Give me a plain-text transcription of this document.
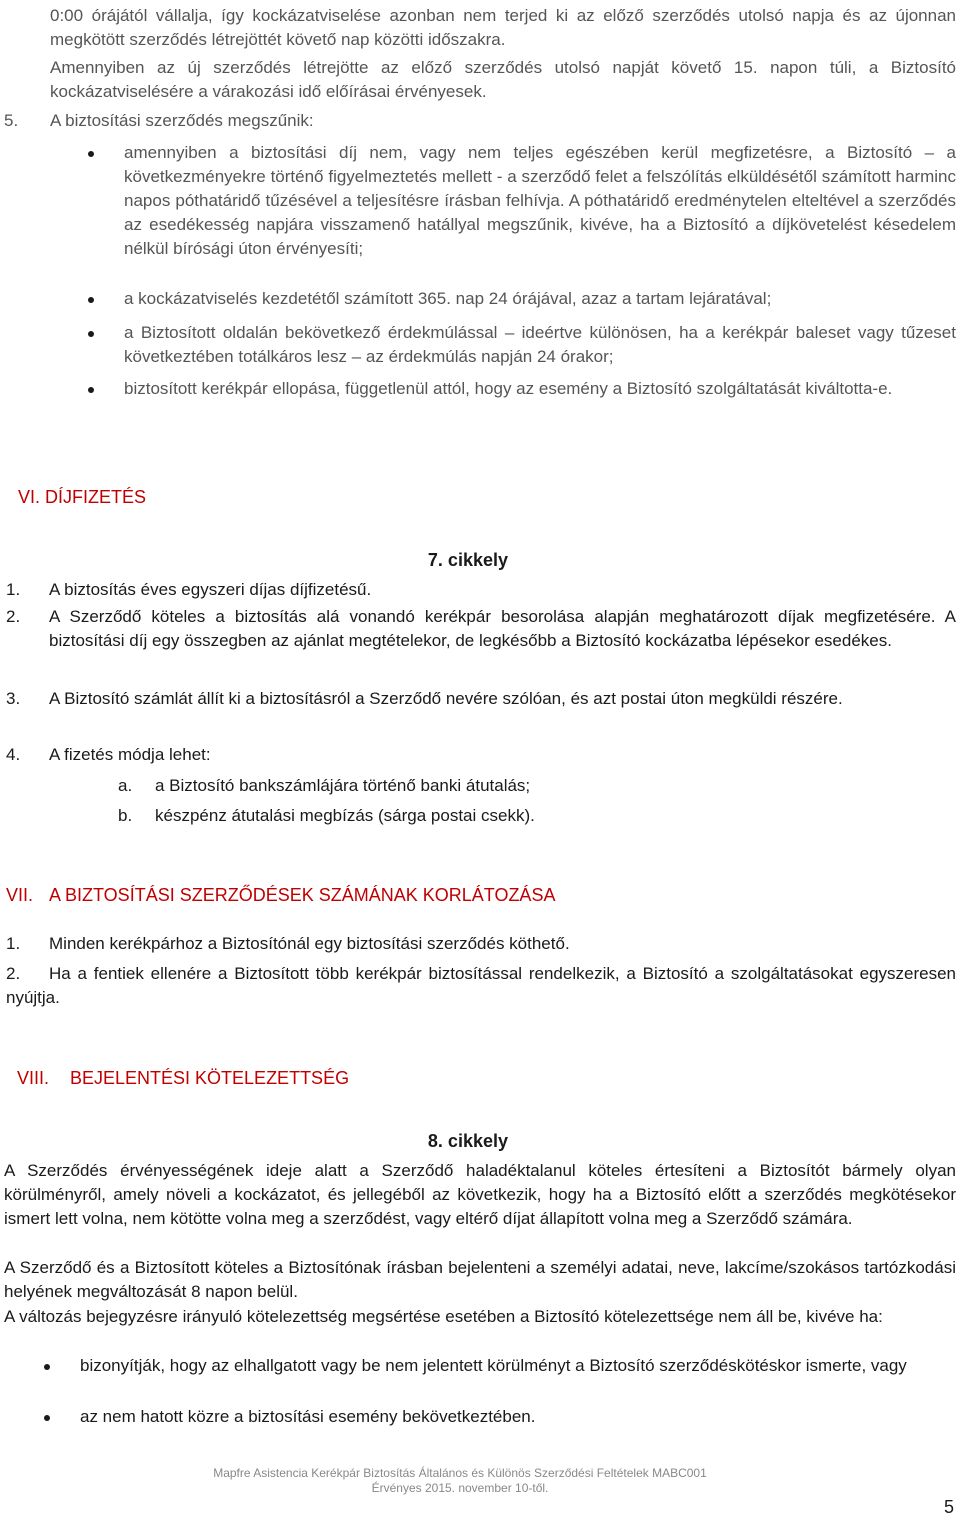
0:00 órájától vállalja, így kockázatviselése azonban nem terjed ki az előző szerződés utolsó napja és az újonnan megkötött szerződés létrejöttét követő nap közötti időszakra.
Amennyiben az új szerződés létrejötte az előző szerződés utolsó napját követő 15. napon túli, a Biztosító kockázatviselésére a várakozási idő előírásai érvényesek.
5. A biztosítási szerződés megszűnik:
amennyiben a biztosítási díj nem, vagy nem teljes egészében kerül megfizetésre, a Biztosító – a következményekre történő figyelmeztetés mellett - a szerződő felet a felszólítás elküldésétől számított harminc napos póthatáridő tűzésével a teljesítésre írásban felhívja. A póthatáridő eredménytelen elteltével a szerződés az esedékesség napjára visszamenő hatállyal megszűnik, kivéve, ha a Biztosító a díjkövetelést késedelem nélkül bírósági úton érvényesíti;
a kockázatviselés kezdetétől számított 365. nap 24 órájával, azaz a tartam lejáratával;
a Biztosított oldalán bekövetkező érdekmúlással – ideértve különösen, ha a kerékpár baleset vagy tűzeset következtében totálkáros lesz – az érdekmúlás napján 24 órakor;
biztosított kerékpár ellopása, függetlenül attól, hogy az esemény a Biztosító szolgáltatását kiváltotta-e.
VI. DÍJFIZETÉS
7. cikkely
1. A biztosítás éves egyszeri díjas díjfizetésű.
2. A Szerződő köteles a biztosítás alá vonandó kerékpár besorolása alapján meghatározott díjak megfizetésére. A biztosítási díj egy összegben az ajánlat megtételekor, de legkésőbb a Biztosító kockázatba lépésekor esedékes.
3. A Biztosító számlát állít ki a biztosításról a Szerződő nevére szólóan, és azt postai úton megküldi részére.
4. A fizetés módja lehet:
a. a Biztosító bankszámlájára történő banki átutalás;
b. készpénz átutalási megbízás (sárga postai csekk).
VII. A BIZTOSÍTÁSI SZERZŐDÉSEK SZÁMÁNAK KORLÁTOZÁSA
1. Minden kerékpárhoz a Biztosítónál egy biztosítási szerződés köthető.
2. Ha a fentiek ellenére a Biztosított több kerékpár biztosítással rendelkezik, a Biztosító a szolgáltatásokat egyszeresen nyújtja.
VIII. BEJELENTÉSI KÖTELEZETTSÉG
8. cikkely
A Szerződés érvényességének ideje alatt a Szerződő haladéktalanul köteles értesíteni a Biztosítót bármely olyan körülményről, amely növeli a kockázatot, és jellegéből az következik, hogy ha a Biztosító előtt a szerződés megkötésekor ismert lett volna, nem kötötte volna meg a szerződést, vagy eltérő díjat állapított volna meg a Szerződő számára.
A Szerződő és a Biztosított köteles a Biztosítónak írásban bejelenteni a személyi adatai, neve, lakcíme/szokásos tartózkodási helyének megváltozását 8 napon belül.
A változás bejegyzésre irányuló kötelezettség megsértése esetében a Biztosító kötelezettsége nem áll be, kivéve ha:
bizonyítják, hogy az elhallgatott vagy be nem jelentett körülményt a Biztosító szerződéskötéskor ismerte, vagy
az nem hatott közre a biztosítási esemény bekövetkeztében.
Mapfre Asistencia Kerékpár Biztosítás Általános és Különös Szerződési Feltételek MABC001
Érvényes 2015. november 10-től.
5
